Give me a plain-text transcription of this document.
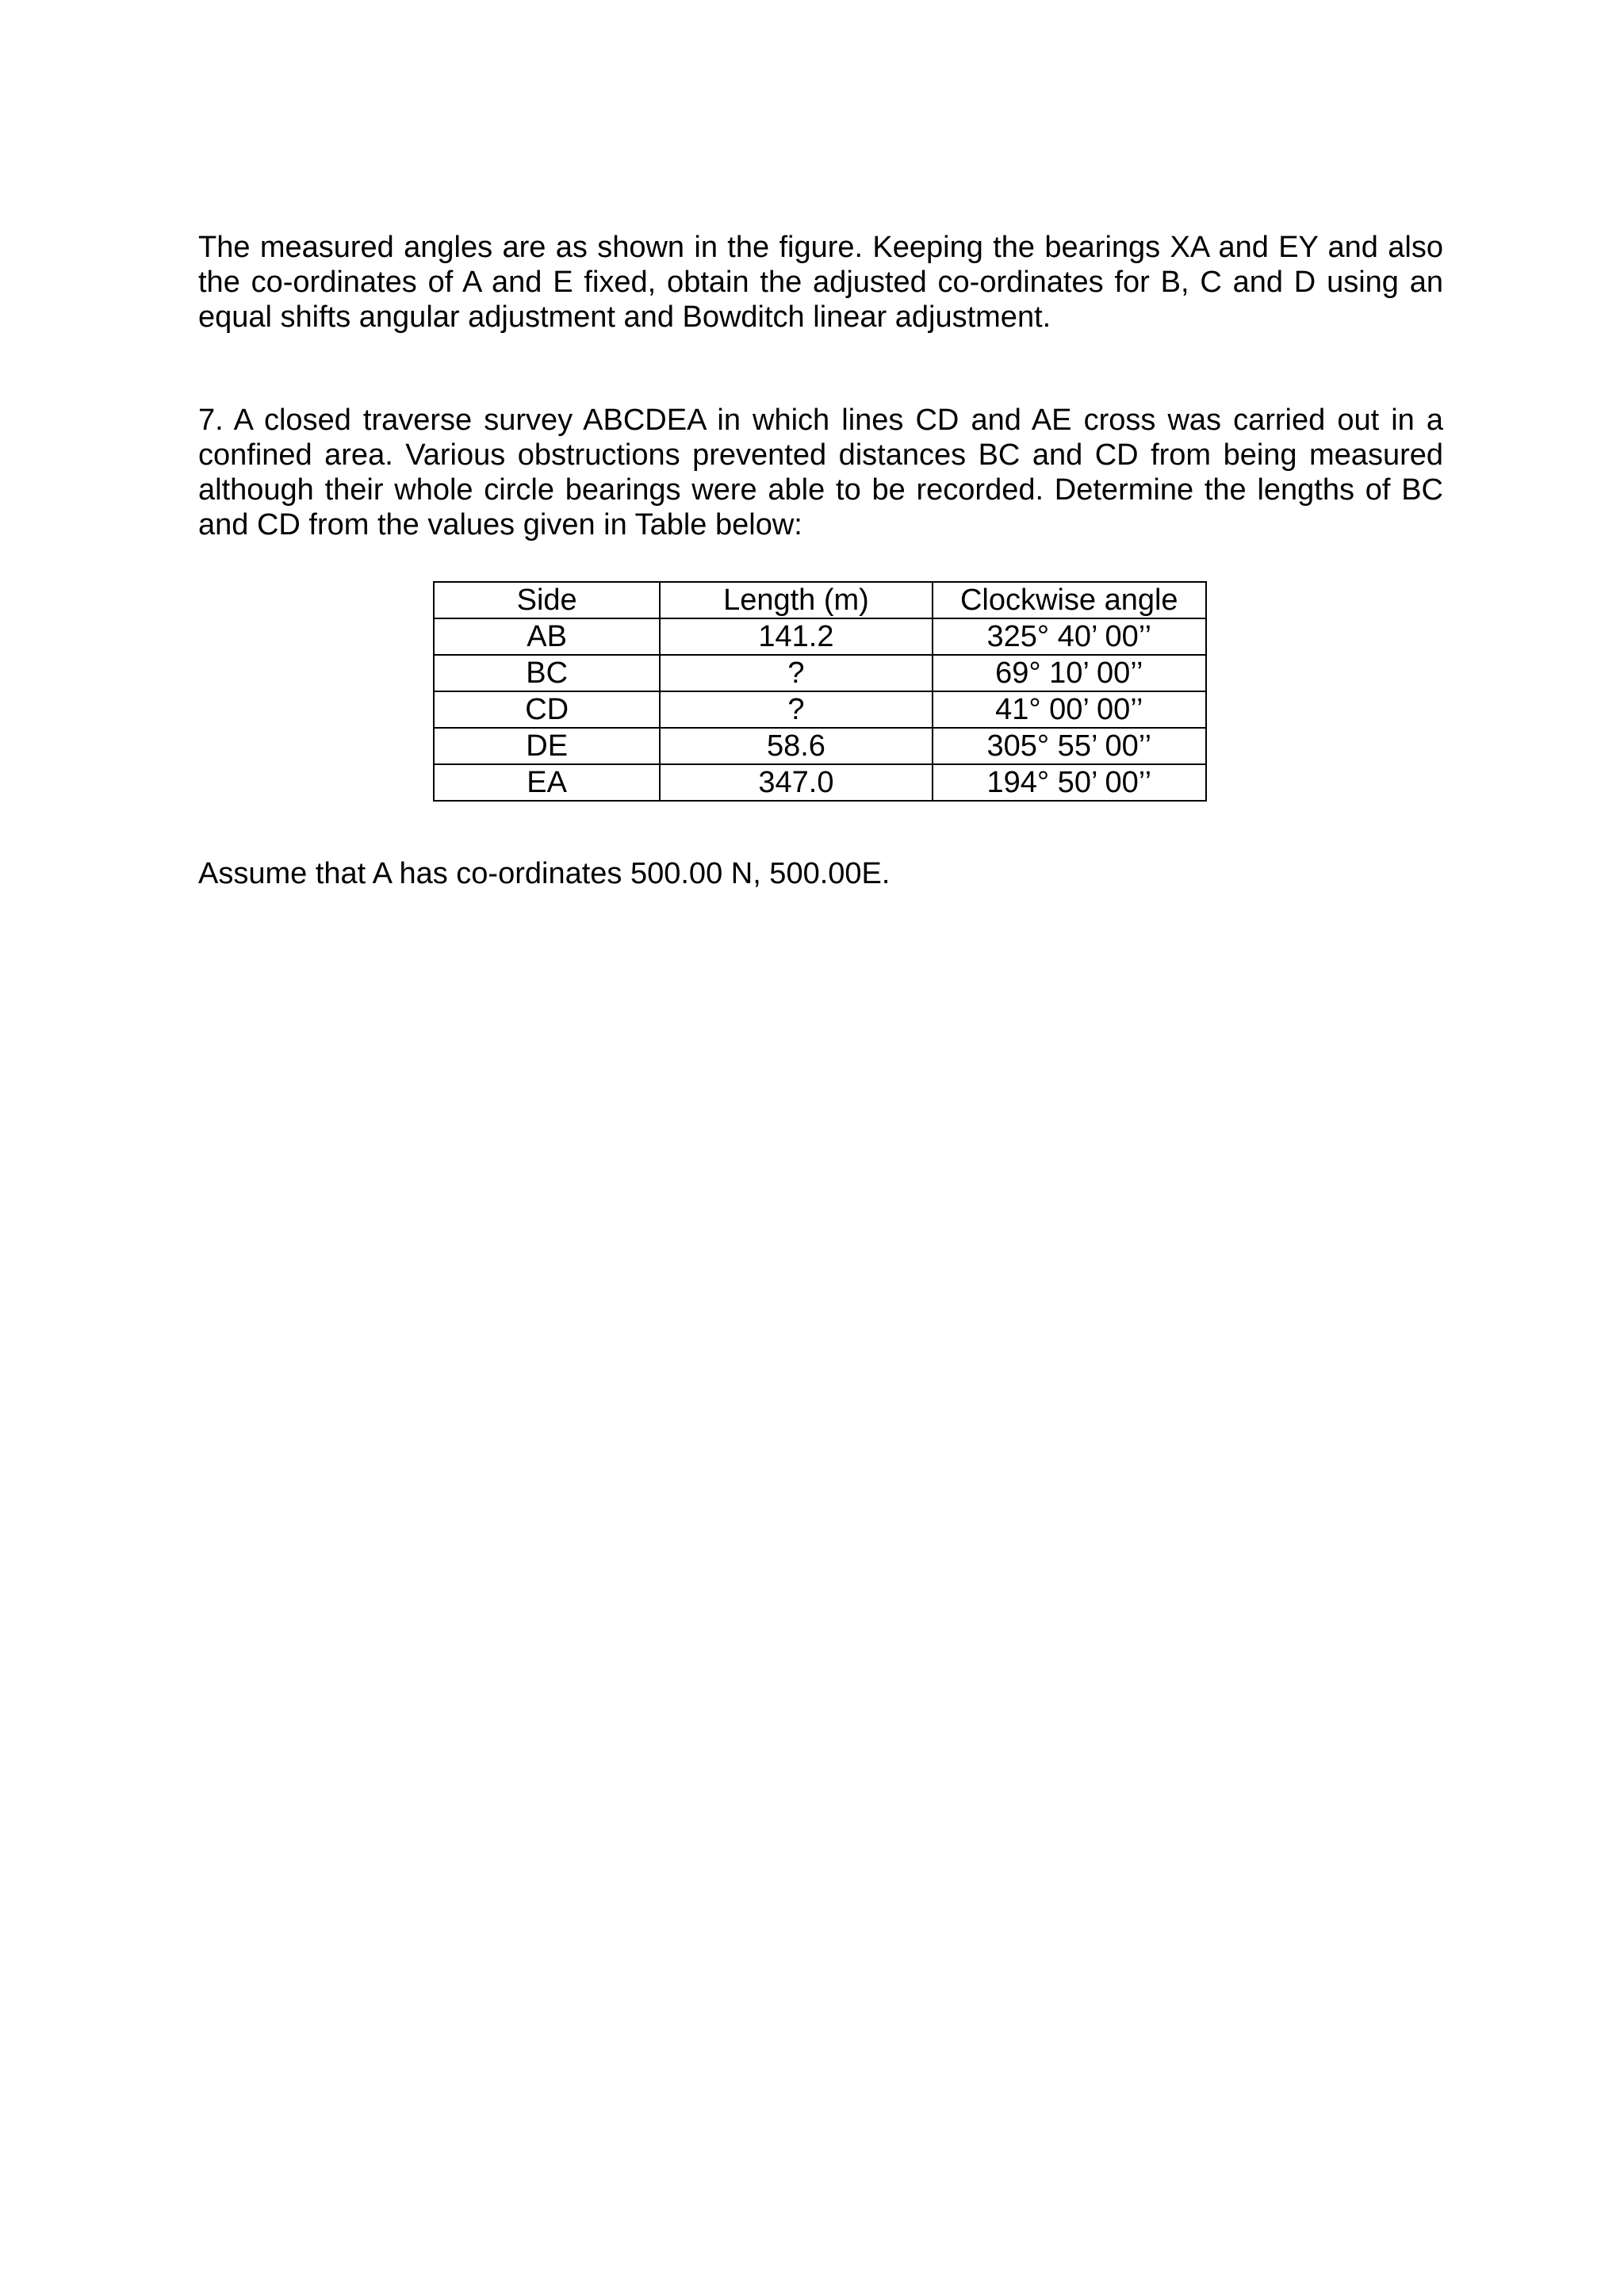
The measured angles are as shown in the figure. Keeping the bearings XA and EY and also the co-ordinates of A and E fixed, obtain the adjusted co-ordinates for B, C and D using an equal shifts angular adjustment and Bowditch linear adjustment.

7. A closed traverse survey ABCDEA in which lines CD and AE cross was carried out in a confined area. Various obstructions prevented distances BC and CD from being measured although their whole circle bearings were able to be recorded. Determine the lengths of BC and CD from the values given in Table below:

Side	Length (m)	Clockwise angle
AB	141.2	325° 40’ 00’’
BC	?	69° 10’ 00’’
CD	?	41° 00’ 00’’
DE	58.6	305° 55’ 00’’
EA	347.0	194° 50’ 00’’

Assume that A has co-ordinates 500.00 N, 500.00E.
